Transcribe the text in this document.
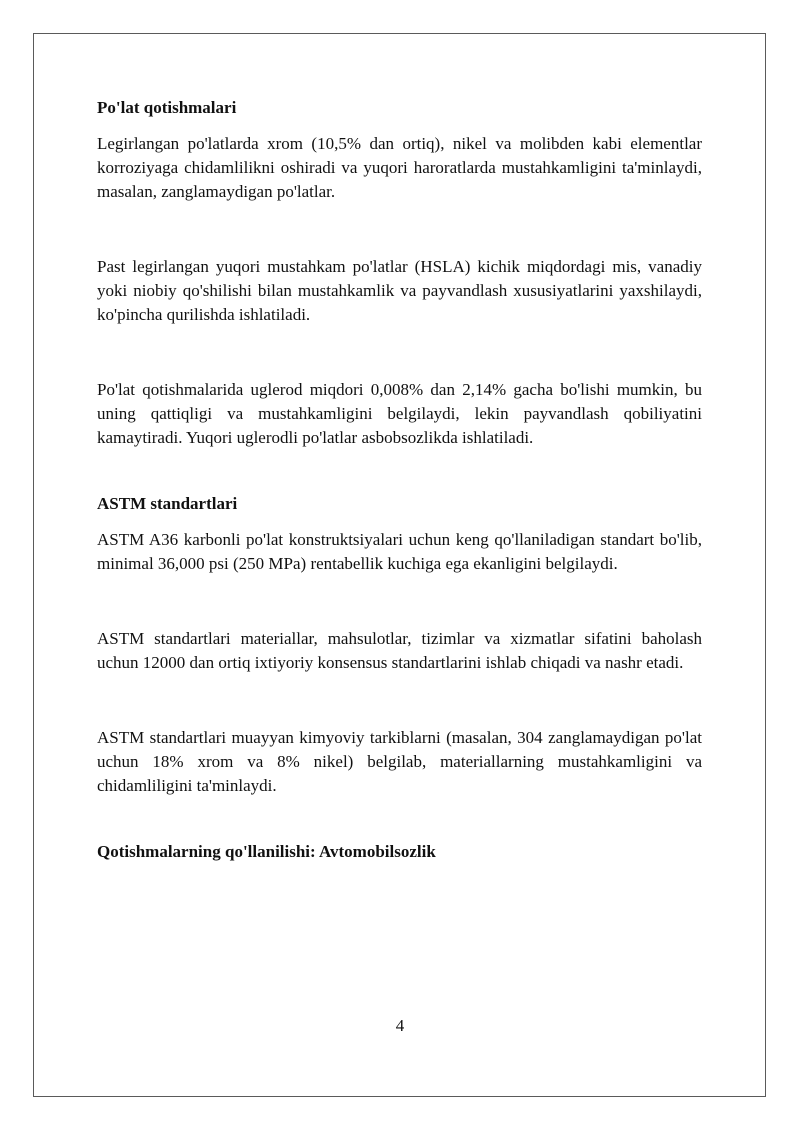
Po'lat qotishmalari

Legirlangan po'latlarda xrom (10,5% dan ortiq), nikel va molibden kabi elementlar korroziyaga chidamlilikni oshiradi va yuqori haroratlarda mustahkamligini ta'minlaydi, masalan, zanglamaydigan po'latlar.

Past legirlangan yuqori mustahkam po'latlar (HSLA) kichik miqdordagi mis, vanadiy yoki niobiy qo'shilishi bilan mustahkamlik va payvandlash xususiyatlarini yaxshilaydi, ko'pincha qurilishda ishlatiladi.

Po'lat qotishmalarida uglerod miqdori 0,008% dan 2,14% gacha bo'lishi mumkin, bu uning qattiqligi va mustahkamligini belgilaydi, lekin payvandlash qobiliyatini kamaytiradi. Yuqori uglerodli po'latlar asbobsozlikda ishlatiladi.

ASTM standartlari

ASTM A36 karbonli po'lat konstruktsiyalari uchun keng qo'llaniladigan standart bo'lib, minimal 36,000 psi (250 MPa) rentabellik kuchiga ega ekanligini belgilaydi.

ASTM standartlari materiallar, mahsulotlar, tizimlar va xizmatlar sifatini baholash uchun 12000 dan ortiq ixtiyoriy konsensus standartlarini ishlab chiqadi va nashr etadi.

ASTM standartlari muayyan kimyoviy tarkiblarni (masalan, 304 zanglamaydigan po'lat uchun 18% xrom va 8% nikel) belgilab, materiallarning mustahkamligini va chidamliligini ta'minlaydi.

Qotishmalarning qo'llanilishi: Avtomobilsozlik
4
